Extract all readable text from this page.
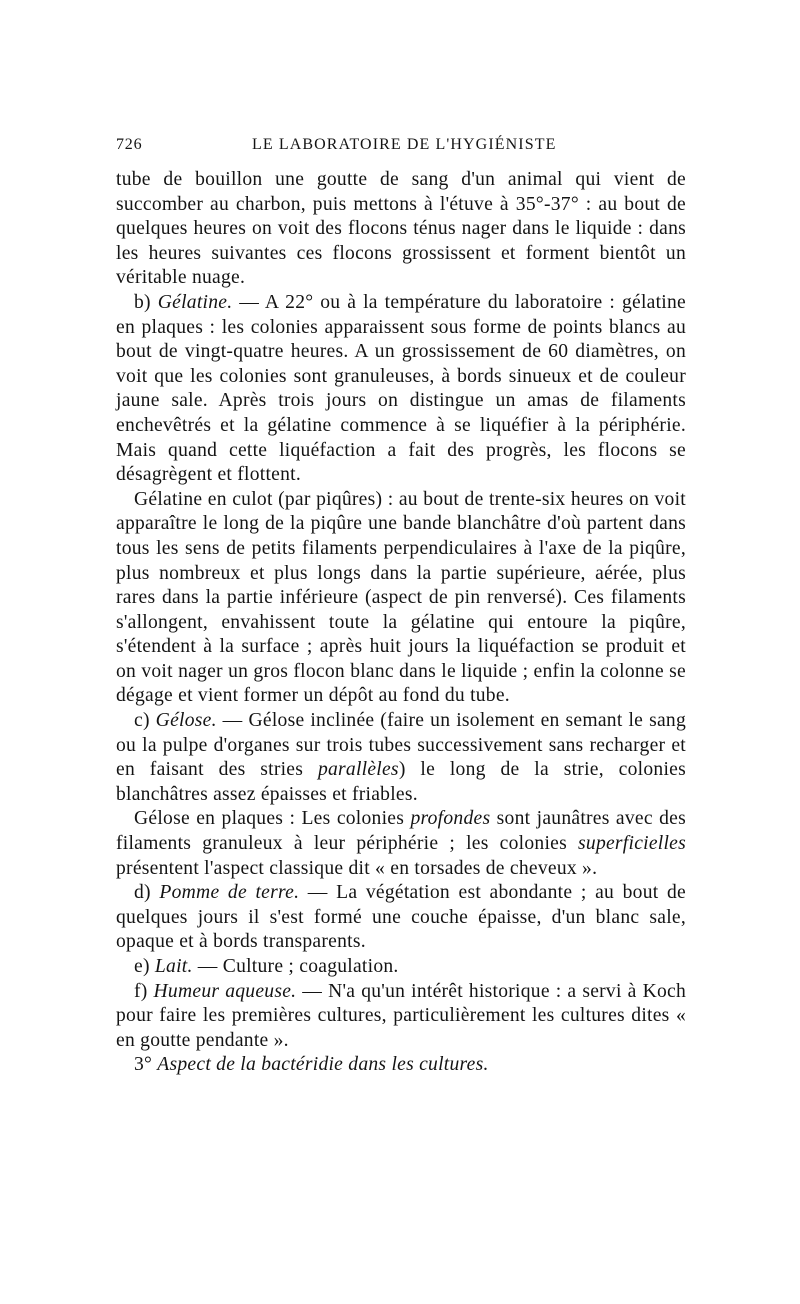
726	LE LABORATOIRE DE L'HYGIÉNISTE

tube de bouillon une goutte de sang d'un animal qui vient de succomber au charbon, puis mettons à l'étuve à 35°-37° : au bout de quelques heures on voit des flocons ténus nager dans le liquide : dans les heures suivantes ces flocons grossissent et forment bientôt un véritable nuage.

b) Gélatine. — A 22° ou à la température du laboratoire : gélatine en plaques : les colonies apparaissent sous forme de points blancs au bout de vingt-quatre heures. A un grossissement de 60 diamètres, on voit que les colonies sont granuleuses, à bords sinueux et de couleur jaune sale. Après trois jours on distingue un amas de filaments enchevêtrés et la gélatine commence à se liquéfier à la périphérie. Mais quand cette liquéfaction a fait des progrès, les flocons se désagrègent et flottent.

Gélatine en culot (par piqûres) : au bout de trente-six heures on voit apparaître le long de la piqûre une bande blanchâtre d'où partent dans tous les sens de petits filaments perpendiculaires à l'axe de la piqûre, plus nombreux et plus longs dans la partie supérieure, aérée, plus rares dans la partie inférieure (aspect de pin renversé). Ces filaments s'allongent, envahissent toute la gélatine qui entoure la piqûre, s'étendent à la surface ; après huit jours la liquéfaction se produit et on voit nager un gros flocon blanc dans le liquide ; enfin la colonne se dégage et vient former un dépôt au fond du tube.

c) Gélose. — Gélose inclinée (faire un isolement en semant le sang ou la pulpe d'organes sur trois tubes successivement sans recharger et en faisant des stries parallèles) le long de la strie, colonies blanchâtres assez épaisses et friables.

Gélose en plaques : Les colonies profondes sont jaunâtres avec des filaments granuleux à leur périphérie ; les colonies superficielles présentent l'aspect classique dit « en torsades de cheveux ».

d) Pomme de terre. — La végétation est abondante ; au bout de quelques jours il s'est formé une couche épaisse, d'un blanc sale, opaque et à bords transparents.

e) Lait. — Culture ; coagulation.

f) Humeur aqueuse. — N'a qu'un intérêt historique : a servi à Koch pour faire les premières cultures, particulièrement les cultures dites « en goutte pendante ».

3° Aspect de la bactéridie dans les cultures.
